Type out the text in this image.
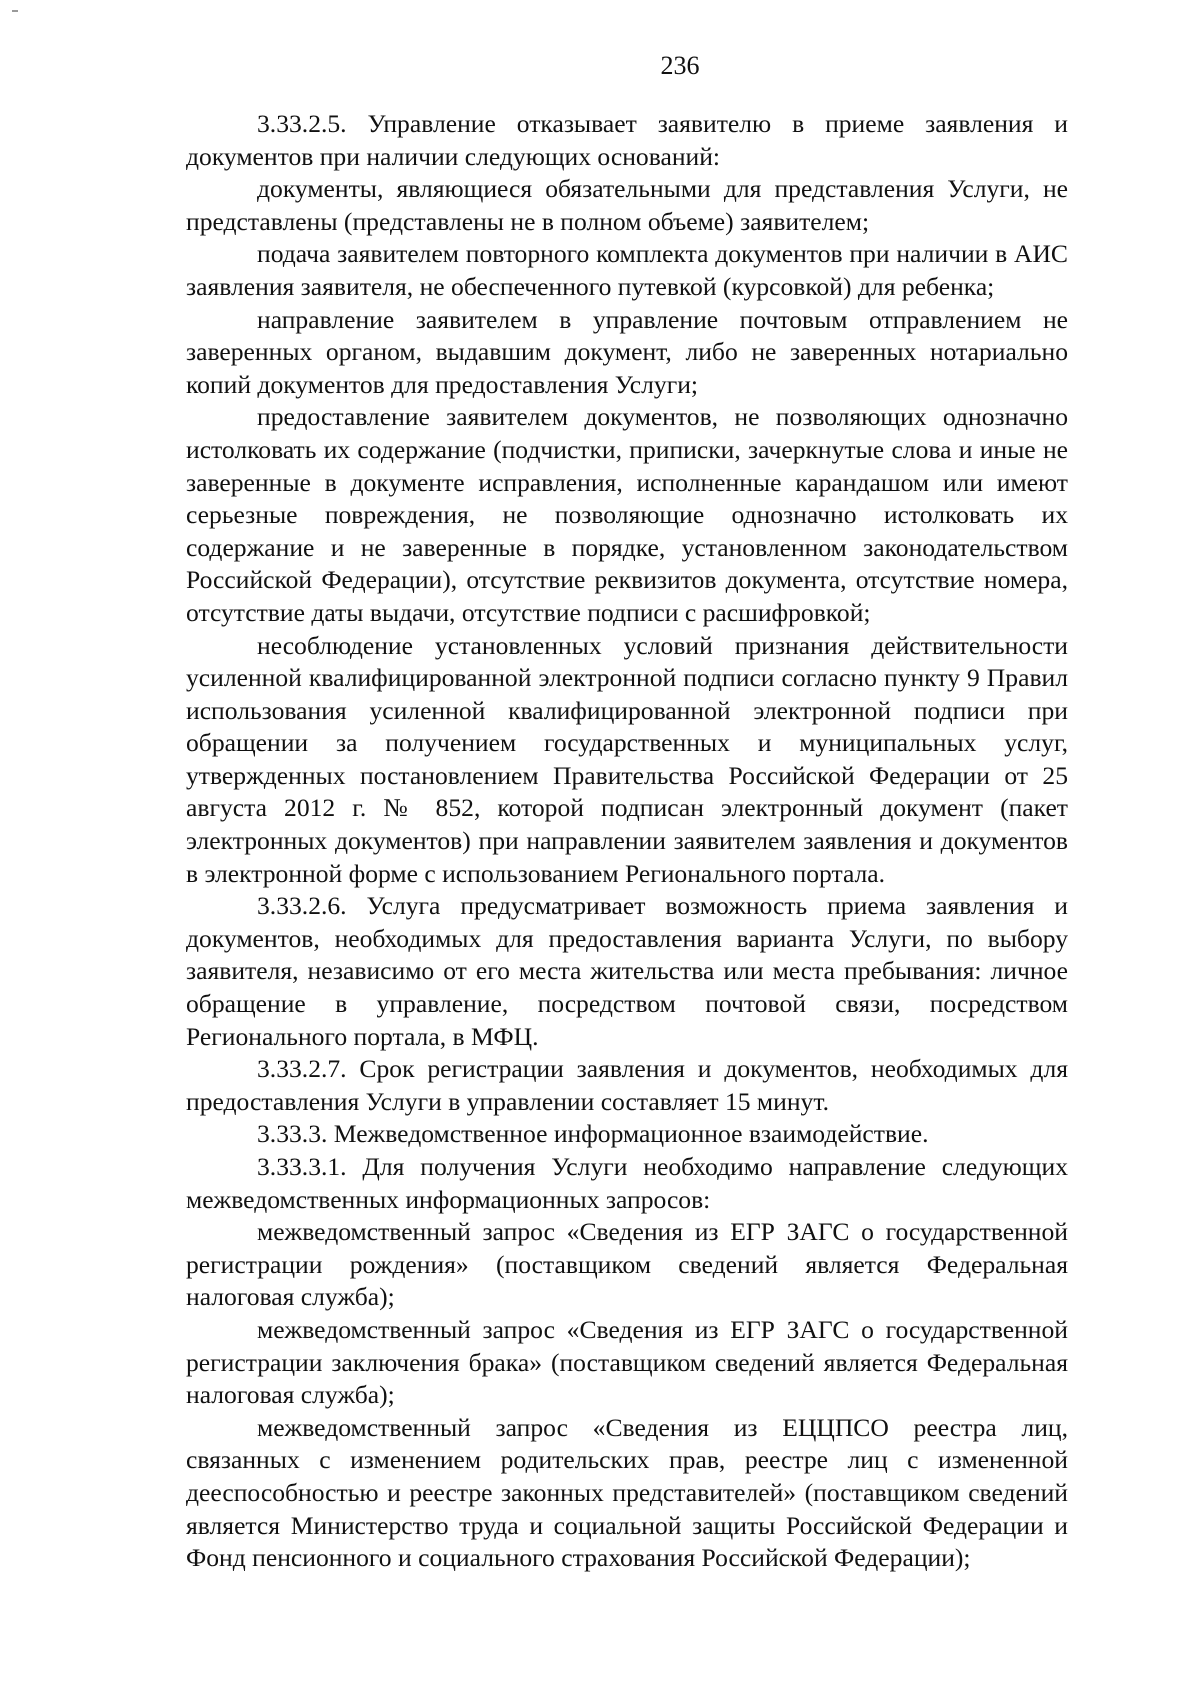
236

3.33.2.5. Управление отказывает заявителю в приеме заявления и документов при наличии следующих оснований:

документы, являющиеся обязательными для представления Услуги, не представлены (представлены не в полном объеме) заявителем;

подача заявителем повторного комплекта документов при наличии в АИС заявления заявителя, не обеспеченного путевкой (курсовкой) для ребенка;

направление заявителем в управление почтовым отправлением не заверенных органом, выдавшим документ, либо не заверенных нотариально копий документов для предоставления Услуги;

предоставление заявителем документов, не позволяющих однозначно истолковать их содержание (подчистки, приписки, зачеркнутые слова и иные не заверенные в документе исправления, исполненные карандашом или имеют серьезные повреждения, не позволяющие однозначно истолковать их содержание и не заверенные в порядке, установленном законодательством Российской Федерации), отсутствие реквизитов документа, отсутствие номера, отсутствие даты выдачи, отсутствие подписи с расшифровкой;

несоблюдение установленных условий признания действительности усиленной квалифицированной электронной подписи согласно пункту 9 Правил использования усиленной квалифицированной электронной подписи при обращении за получением государственных и муниципальных услуг, утвержденных постановлением Правительства Российской Федерации от 25 августа 2012 г. № 852, которой подписан электронный документ (пакет электронных документов) при направлении заявителем заявления и документов в электронной форме с использованием Регионального портала.

3.33.2.6. Услуга предусматривает возможность приема заявления и документов, необходимых для предоставления варианта Услуги, по выбору заявителя, независимо от его места жительства или места пребывания: личное обращение в управление, посредством почтовой связи, посредством Регионального портала, в МФЦ.

3.33.2.7. Срок регистрации заявления и документов, необходимых для предоставления Услуги в управлении составляет 15 минут.

3.33.3. Межведомственное информационное взаимодействие.

3.33.3.1. Для получения Услуги необходимо направление следующих межведомственных информационных запросов:

межведомственный запрос «Сведения из ЕГР ЗАГС о государственной регистрации рождения» (поставщиком сведений является Федеральная налоговая служба);

межведомственный запрос «Сведения из ЕГР ЗАГС о государственной регистрации заключения брака» (поставщиком сведений является Федеральная налоговая служба);

межведомственный запрос «Сведения из ЕЦЦПСО реестра лиц, связанных с изменением родительских прав, реестре лиц с измененной дееспособностью и реестре законных представителей» (поставщиком сведений является Министерство труда и социальной защиты Российской Федерации и Фонд пенсионного и социального страхования Российской Федерации);
